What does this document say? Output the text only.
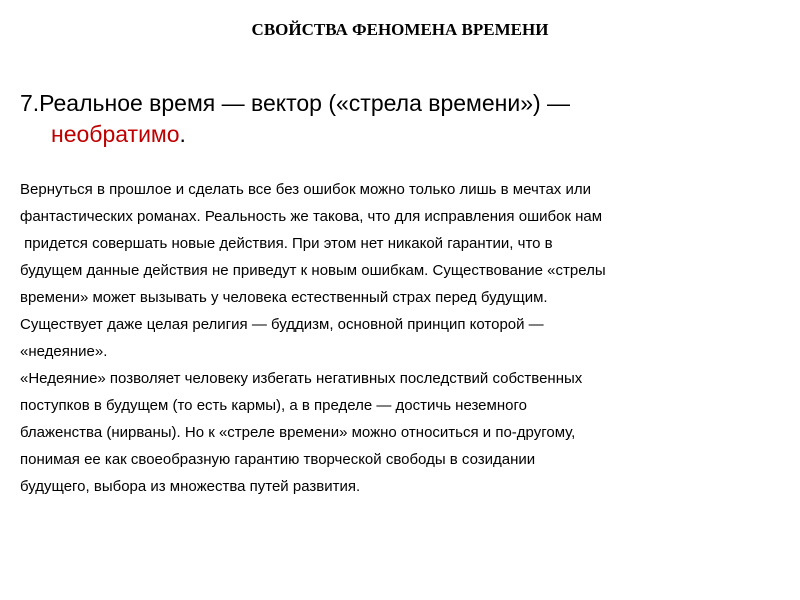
СВОЙСТВА ФЕНОМЕНА ВРЕМЕНИ
7.Реальное время — вектор («стрела времени») —
необратимо.
Вернуться в прошлое и сделать все без ошибок можно только лишь в мечтах или
фантастических романах. Реальность же такова, что для исправления ошибок нам
придется совершать новые действия. При этом нет никакой гарантии, что в
будущем данные действия не приведут к новым ошибкам. Существование «стрелы
времени» может вызывать у человека естественный страх перед будущим.
Существует даже целая религия — буддизм, основной принцип которой —
«недеяние».
«Недеяние» позволяет человеку избегать негативных последствий собственных
поступков в будущем (то есть кармы), а в пределе — достичь неземного
блаженства (нирваны). Но к «стреле времени» можно относиться и по-другому,
понимая ее как своеобразную гарантию творческой свободы в созидании
будущего, выбора из множества путей развития.
